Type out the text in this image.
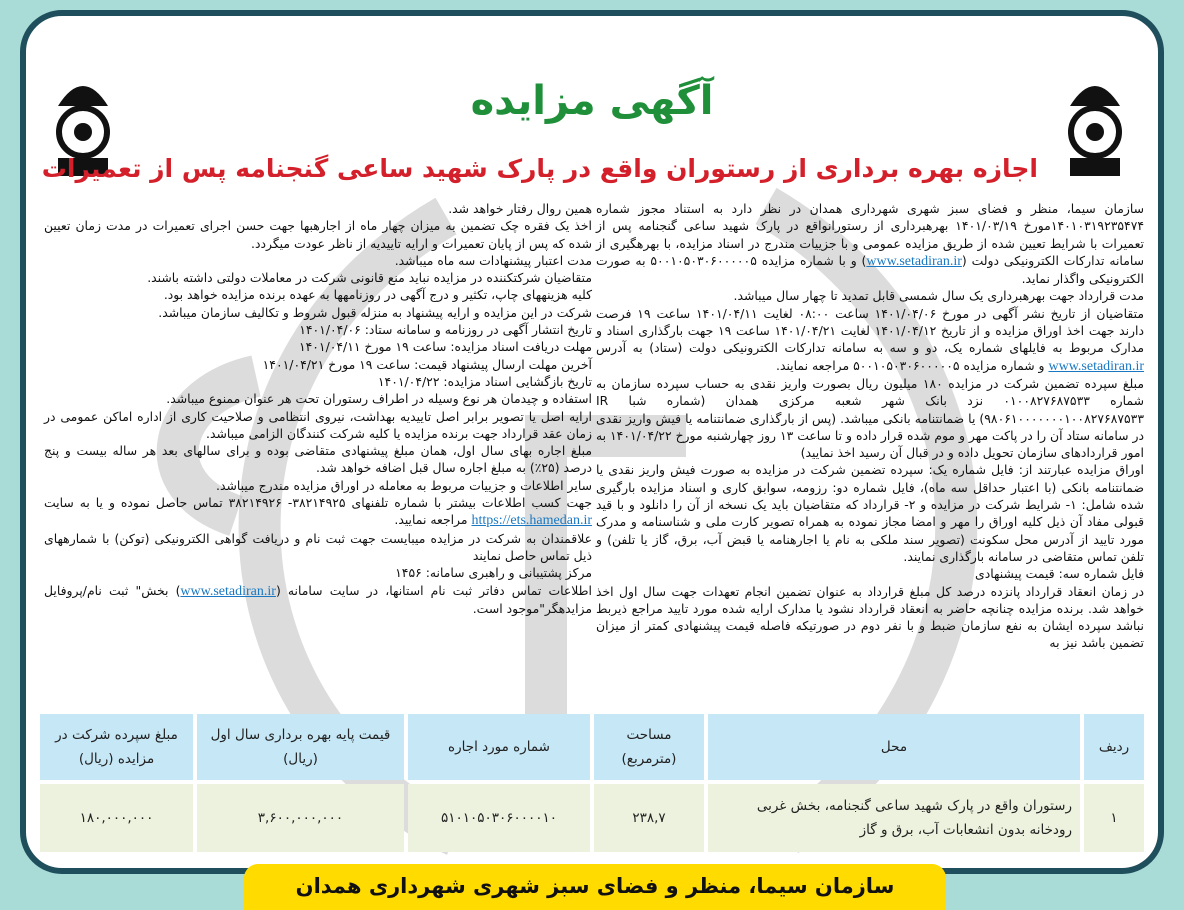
آگهی مزایده
اجازه بهره برداری از رستوران واقع در پارک شهید ساعی گنجنامه پس از تعمیرات

سازمان سیما، منظر و فضای سبز شهری شهرداری همدان در نظر دارد به استناد مجوز شماره ۱۴۰۱۰۳۱۹۲۳۵۴۷۴مورخ ۱۴۰۱/۰۳/۱۹ بهرهبرداری از رستورانواقع در پارک شهید ساعی گنجنامه پس از تعمیرات با شرایط تعیین شده از طریق مزایده عمومی و با جزییات مندرج در اسناد مزایده، با بهرهگیری از سامانه تدارکات الکترونیکی دولت (www.setadiran.ir) و با شماره مزایده ۵۰۰۱۰۵۰۳۰۶۰۰۰۰۰۵ به صورت الکترونیکی واگذار نماید.

مدت قرارداد جهت بهرهبرداری یک سال شمسی قابل تمدید تا چهار سال میباشد.

متقاضیان از تاریخ نشر آگهی در مورخ ۱۴۰۱/۰۴/۰۶ ساعت ۰۸:۰۰ لغایت ۱۴۰۱/۰۴/۱۱ ساعت ۱۹ فرصت دارند جهت اخذ اوراق مزایده و از تاریخ ۱۴۰۱/۰۴/۱۲ لغایت ۱۴۰۱/۰۴/۲۱ ساعت ۱۹ جهت بارگذاری اسناد و مدارک مربوط به فایلهای شماره یک، دو و سه به سامانه تدارکات الکترونیکی دولت (ستاد) به آدرس www.setadiran.ir و شماره مزایده ۵۰۰۱۰۵۰۳۰۶۰۰۰۰۰۵ مراجعه نمایند.

مبلغ سپرده تضمین شرکت در مزایده ۱۸۰ میلیون ریال بصورت واریز نقدی به حساب سپرده سازمان به شماره ۰۱۰۰۸۲۷۶۸۷۵۳۳ نزد بانک شهر شعبه مرکزی همدان (شماره شبا IR ۹۸۰۶۱۰۰۰۰۰۰۰۱۰۰۸۲۷۶۸۷۵۳۳) یا ضمانتنامه بانکی میباشد. (پس از بارگذاری ضمانتنامه یا فیش واریز نقدی در سامانه ستاد آن را در پاکت مهر و موم شده قرار داده و تا ساعت ۱۳ روز چهارشنبه مورخ ۱۴۰۱/۰۴/۲۲ به امور قراردادهای سازمان تحویل داده و در قبال آن رسید اخذ نمایید)

اوراق مزایده عبارتند از: فایل شماره یک: سپرده تضمین شرکت در مزایده به صورت فیش واریز نقدی یا ضمانتنامه بانکی (با اعتبار حداقل سه ماه)، فایل شماره دو: رزومه، سوابق کاری و اسناد مزایده بارگیری شده شامل: ۱- شرایط شرکت در مزایده و ۲- قرارداد که متقاضیان باید یک نسخه از آن را دانلود و با قید قبولی مفاد آن ذیل کلیه اوراق را مهر و امضا مجاز نموده به همراه تصویر کارت ملی و شناسنامه و مدرک مورد تایید از آدرس محل سکونت (تصویر سند ملکی به نام یا اجارهنامه یا قبض آب، برق، گاز یا تلفن) و تلفن تماس متقاضی در سامانه بارگذاری نمایند.

فایل شماره سه: قیمت پیشنهادی

در زمان انعقاد قرارداد پانزده درصد کل مبلغ قرارداد به عنوان تضمین انجام تعهدات جهت سال اول اخذ خواهد شد. برنده مزایده چنانچه حاضر به انعقاد قرارداد نشود یا مدارک ارایه شده مورد تایید مراجع ذیربط نباشد سپرده ایشان به نفع سازمان ضبط و با نفر دوم در صورتیکه فاصله قیمت پیشنهادی کمتر از میزان تضمین باشد نیز به

همین روال رفتار خواهد شد.

اخذ یک فقره چک تضمین به میزان چهار ماه از اجارهبها جهت حسن اجرای تعمیرات در مدت زمان تعیین شده که پس از پایان تعمیرات و ارایه تاییدیه از ناظر عودت میگردد.

مدت اعتبار پیشنهادات سه ماه میباشد.

متقاضیان شرکتکننده در مزایده نباید منع قانونی شرکت در معاملات دولتی داشته باشند.

کلیه هزینههای چاپ، تکثیر و درج آگهی در روزنامهها به عهده برنده مزایده خواهد بود.

شرکت در این مزایده و ارایه پیشنهاد به منزله قبول شروط و تکالیف سازمان میباشد.

تاریخ انتشار آگهی در روزنامه و سامانه ستاد: ۱۴۰۱/۰۴/۰۶

مهلت دریافت اسناد مزایده: ساعت ۱۹ مورخ ۱۴۰۱/۰۴/۱۱

آخرین مهلت ارسال پیشنهاد قیمت: ساعت ۱۹ مورخ ۱۴۰۱/۰۴/۲۱

تاریخ بازگشایی اسناد مزایده: ۱۴۰۱/۰۴/۲۲

استفاده و چیدمان هر نوع وسیله در اطراف رستوران تحت هر عنوان ممنوع میباشد.

ارایه اصل یا تصویر برابر اصل تاییدیه بهداشت، نیروی انتظامی و صلاحیت کاری از اداره اماکن عمومی در زمان عقد قرارداد جهت برنده مزایده یا کلیه شرکت کنندگان الزامی میباشد.

مبلغ اجاره بهای سال اول، همان مبلغ پیشنهادی متقاضی بوده و برای سالهای بعد هر ساله بیست و پنج درصد (۲۵٪) به مبلغ اجاره سال قبل اضافه خواهد شد.

سایر اطلاعات و جزییات مربوط به معامله در اوراق مزایده مندرج میباشد.

جهت کسب اطلاعات بیشتر با شماره تلفنهای ۳۸۲۱۴۹۲۵- ۳۸۲۱۴۹۲۶ تماس حاصل نموده و یا به سایت https://ets.hamedan.ir مراجعه نمایید.

علاقمندان به شرکت در مزایده میبایست جهت ثبت نام و دریافت گواهی الکترونیکی (توکن) با شمارههای ذیل تماس حاصل نمایند

مرکز پشتیبانی و راهبری سامانه: ۱۴۵۶

اطلاعات تماس دفاتر ثبت نام استانها، در سایت سامانه (www.setadiran.ir) بخش" ثبت نام/پروفایل مزایدهگر"موجود است.

ردیف	محل	مساحت (مترمربع)	شماره مورد اجاره	قیمت پایه بهره برداری سال اول (ریال)	مبلغ سپرده شرکت در مزایده (ریال)
۱	رستوران واقع در پارک شهید ساعی گنجنامه، بخش غربی رودخانه بدون انشعابات آب، برق و گاز	۲۳۸,۷	۵۱۰۱۰۵۰۳۰۶۰۰۰۰۱۰	۳,۶۰۰,۰۰۰,۰۰۰	۱۸۰,۰۰۰,۰۰۰
سازمان سیما، منظر و فضای سبز شهری شهرداری همدان
